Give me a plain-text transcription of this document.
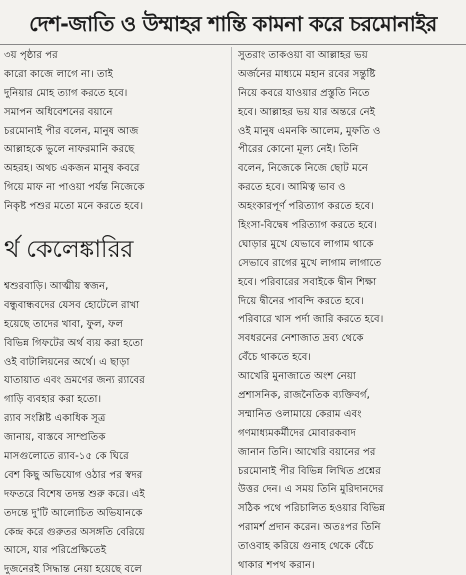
দেশ-জাতি ও উম্মাহর শান্তি কামনা করে চরমোনাইর
৩য় পৃষ্ঠার পর
কারো কাজে লাগে না। তাই
দুনিয়ার মোহ ত্যাগ করতে হবে।
সমাপন অধিবেশনের বয়ানে
চরমোনাই পীর বলেন, মানুষ আজ
আল্লাহকে ভুলে নাফরমানি করছে
অহরহ। অথচ একজন মানুষ কবরে
গিয়ে মাফ না পাওয়া পর্যন্ত নিজেকে
নিকৃষ্ট পশুর মতো মনে করতে হবে।
র্থ কেলেঙ্কারির
শ্বশুরবাড়ি। আত্মীয় স্বজন,
বন্ধুবান্ধবদের যেসব হোটেলে রাখা
হয়েছে তাদের খাবা, ফুল, ফল
বিভিন্ন গিফটের অর্থ ব্যয় করা হতো
ওই বাটালিয়নের অর্থে। এ ছাড়া
যাতায়াত এবং ভ্রমণের জন্য র‍্যাবের
গাড়ি ব্যবহার করা হতো।
র‍্যাব সংশ্লিষ্ট একাধিক সূত্র
জানায়, বাস্তবে সাম্প্রতিক
মাসগুলোতে র‍্যাব-১৫ কে ঘিরে
বেশ কিছু অভিযোগ ওঠার পর স্বদর
দফতরে বিশেষ তদন্ত শুরু করে। এই
তদন্তে দু'টি আলোচিত অভিযানকে
কেন্দ্র করে গুরুতর অসঙ্গতি বেরিয়ে
আসে, যার পরিপ্রেক্ষিতেই
দুজনেরই সিদ্ধান্ত নেয়া হয়েছে বলে
সুতরাং তাকওয়া বা আল্লাহর ভয়
অর্জনের মাধ্যমে মহান রবের সন্তুষ্টি
নিয়ে কবরে যাওয়ার প্রস্তুতি নিতে
হবে। আল্লাহর ভয় যার অন্তরে নেই
ওই মানুষ এমনকি আলেম, মুফতি ও
পীরের কোনো মূল্য নেই। তিনি
বলেন, নিজেকে নিজে ছোট মনে
করতে হবে। আমিত্ব ভাব ও
অহংকারপূর্ণ পরিত্যাগ করতে হবে।
হিংসা-বিদ্বেষ পরিত্যাগ করতে হবে।
ঘোড়ার মুখে যেভাবে লাগাম থাকে
সেভাবে রাগের মুখে লাগাম লাগাতে
হবে। পরিবারের সবাইকে দ্বীন শিক্ষা
দিয়ে দ্বীনের পাবন্দি করতে হবে।
পরিবারে খাস পর্দা জারি করতে হবে।
সবধরনের নেশাজাত দ্রব্য থেকে
বেঁচে থাকতে হবে।
আখেরি মুনাজাতে অংশ নেয়া
প্রশাসনিক, রাজনৈতিক ব্যক্তিবর্গ,
সম্মানিত ওলামায়ে কেরাম এবং
গণমাধ্যমকর্মীদের মোবারকবাদ
জানান তিনি। আখেরি বয়ানের পর
চরমোনাই পীর বিভিন্ন লিখিত প্রশ্নের
উত্তর দেন। এ সময় তিনি মুরিদানদের
সঠিক পথে পরিচালিত হওয়ার বিভিন্ন
পরামর্শ প্রদান করেন। অতঃপর তিনি
তাওবাহ করিয়ে গুনাহ থেকে বেঁচে
থাকার শপথ করান।
